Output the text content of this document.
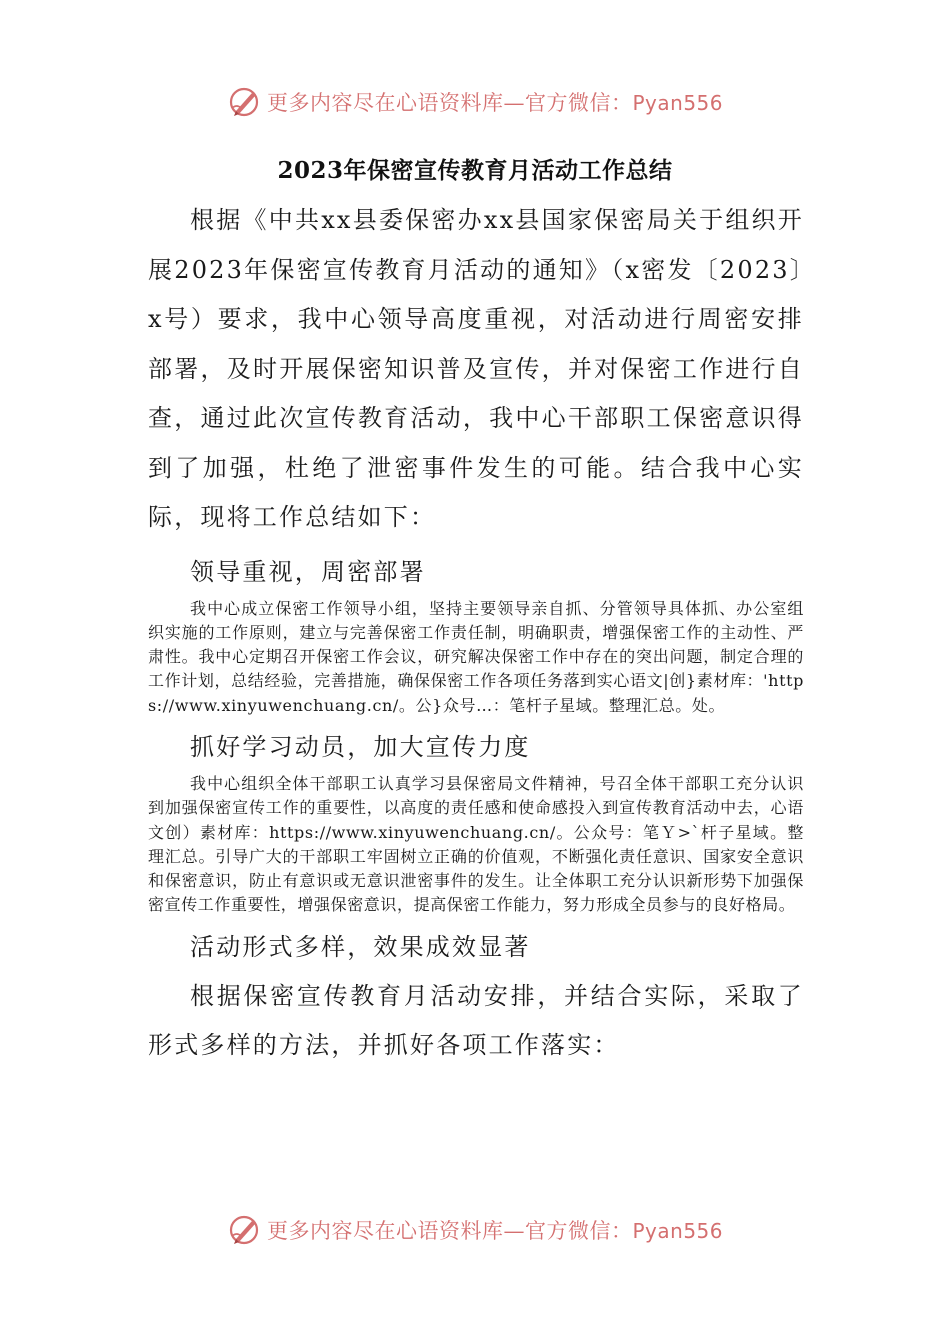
更多内容尽在心语资料库—官方微信：Pyan556
2023年保密宣传教育月活动工作总结

根据《中共xx县委保密办xx县国家保密局关于组织开展2023年保密宣传教育月活动的通知》（x密发〔2023〕x号）要求，我中心领导高度重视，对活动进行周密安排部署，及时开展保密知识普及宣传，并对保密工作进行自查，通过此次宣传教育活动，我中心干部职工保密意识得到了加强，杜绝了泄密事件发生的可能。结合我中心实际，现将工作总结如下：

领导重视，周密部署

我中心成立保密工作领导小组，坚持主要领导亲自抓、分管领导具体抓、办公室组织实施的工作原则，建立与完善保密工作责任制，明确职责，增强保密工作的主动性、严肃性。我中心定期召开保密工作会议，研究解决保密工作中存在的突出问题，制定合理的工作计划，总结经验，完善措施，确保保密工作各项任务落到实心语文|创}素材库：'https://www.xinyuwenchuang.cn/。公}众号…：笔杆子星域。整理汇总。处。

抓好学习动员，加大宣传力度

我中心组织全体干部职工认真学习县保密局文件精神，号召全体干部职工充分认识到加强保密宣传工作的重要性，以高度的责任感和使命感投入到宣传教育活动中去，心语文创）素材库：https://www.xinyuwenchuang.cn/。公众号：笔Ｙ>`杆子星域。整理汇总。引导广大的干部职工牢固树立正确的价值观，不断强化责任意识、国家安全意识和保密意识，防止有意识或无意识泄密事件的发生。让全体职工充分认识新形势下加强保密宣传工作重要性，增强保密意识，提高保密工作能力，努力形成全员参与的良好格局。

活动形式多样，效果成效显著

根据保密宣传教育月活动安排，并结合实际，采取了形式多样的方法，并抓好各项工作落实：

更多内容尽在心语资料库—官方微信：Pyan556
